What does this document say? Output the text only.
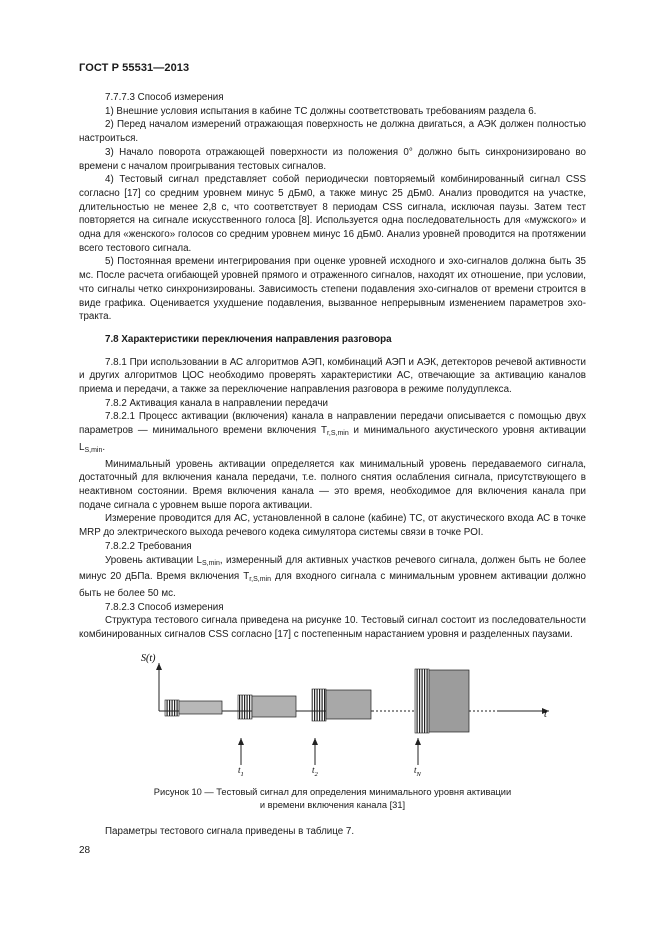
ГОСТ Р 55531—2013

7.7.7.3 Способ измерения

1) Внешние условия испытания в кабине ТС должны соответствовать требованиям раздела 6.

2) Перед началом измерений отражающая поверхность не должна двигаться, а АЭК должен полностью настроиться.

3) Начало поворота отражающей поверхности из положения 0° должно быть синхронизировано во времени с началом проигрывания тестовых сигналов.

4) Тестовый сигнал представляет собой периодически повторяемый комбинированный сигнал CSS согласно [17] со средним уровнем минус 5 дБм0, а также минус 25 дБм0. Анализ проводится на участке, длительностью не менее 2,8 с, что соответствует 8 периодам CSS сигнала, исключая паузы. Затем тест повторяется на сигнале искусственного голоса [8]. Используется одна последовательность для «мужского» и одна для «женского» голосов со средним уровнем минус 16 дБм0. Анализ уровней проводится на протяжении всего тестового сигнала.

5) Постоянная времени интегрирования при оценке уровней исходного и эхо-сигналов должна быть 35 мс. После расчета огибающей уровней прямого и отраженного сигналов, находят их отношение, при условии, что сигналы четко синхронизированы. Зависимость степени подавления эхо-сигналов от времени строится в виде графика. Оценивается ухудшение подавления, вызванное непрерывным изменением параметров эхо-тракта.

7.8 Характеристики переключения направления разговора

7.8.1 При использовании в АС алгоритмов АЭП, комбинаций АЭП и АЭК, детекторов речевой активности и других алгоритмов ЦОС необходимо проверять характеристики АС, отвечающие за активацию каналов приема и передачи, а также за переключение направления разговора в режиме полудуплекса.

7.8.2 Активация канала в направлении передачи

7.8.2.1 Процесс активации (включения) канала в направлении передачи описывается с помощью двух параметров — минимального времени включения $T_{r,S,min}$ и минимального акустического уровня активации $L_{S,min}$.

Минимальный уровень активации определяется как минимальный уровень передаваемого сигнала, достаточный для включения канала передачи, т.е. полного снятия ослабления сигнала, присутствующего в неактивном состоянии. Время включения канала — это время, необходимое для включения канала при подаче сигнала с уровнем выше порога активации.

Измерение проводится для АС, установленной в салоне (кабине) ТС, от акустического входа АС в точке MRP до электрического выхода речевого кодека симулятора системы связи в точке POI.

7.8.2.2 Требования

Уровень активации $L_{S,min}$, измеренный для активных участков речевого сигнала, должен быть не более минус 20 дБПа. Время включения $T_{r,S,min}$ для входного сигнала с минимальным уровнем активации должно быть не более 50 мс.

7.8.2.3 Способ измерения

Структура тестового сигнала приведена на рисунке 10. Тестовый сигнал состоит из последовательности комбинированных сигналов CSS согласно [17] с постепенным нарастанием уровня и разделенных паузами.

S(t)
t
$t_1$	$t_2$	$t_N$
Рисунок 10 — Тестовый сигнал для определения минимального уровня активации
и времени включения канала [31]
Параметры тестового сигнала приведены в таблице 7.
28
